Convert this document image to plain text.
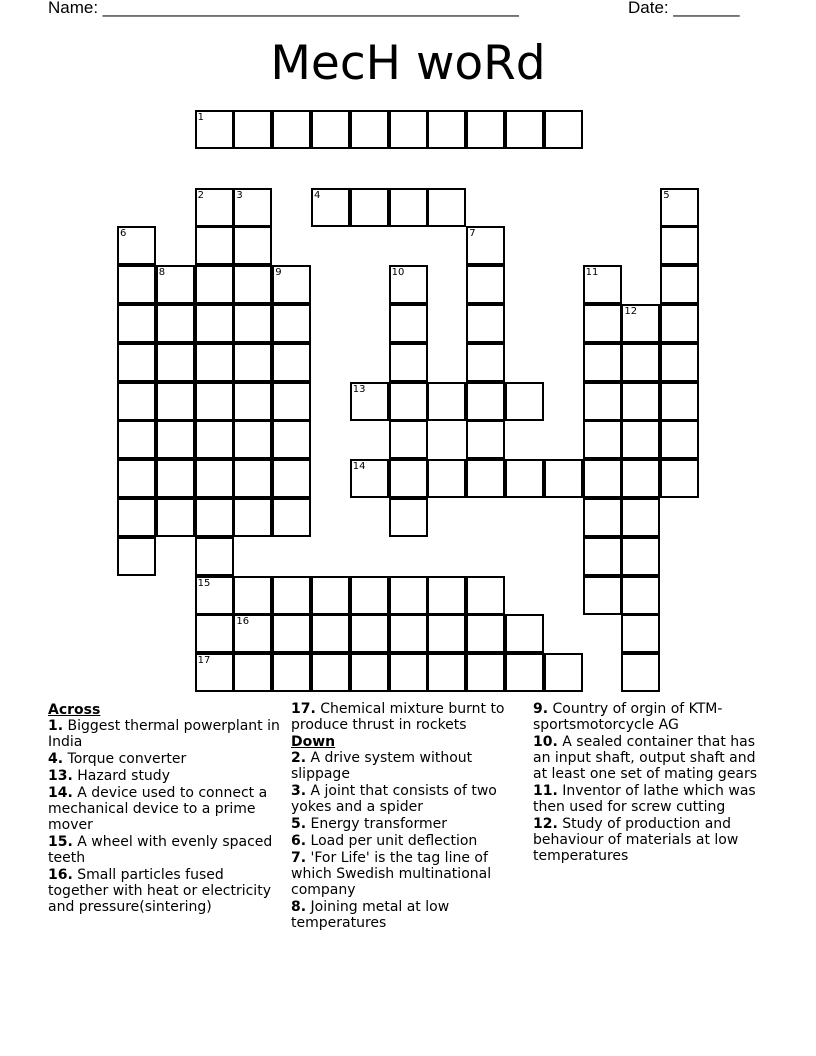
Name: ____________________________________________	Date: _______
MecH woRd
1
4
13
14
15
16
17
2	3	5
6	7
8	9	10	11
12
Across
1. Biggest thermal powerplant in India
4. Torque converter
13. Hazard study
14. A device used to connect a mechanical device to a prime mover
15. A wheel with evenly spaced teeth
16. Small particles fused together with heat or electricity and pressure(sintering)
17. Chemical mixture burnt to produce thrust in rockets
Down
2. A drive system without slippage
3. A joint that consists of two yokes and a spider
5. Energy transformer
6. Load per unit deflection
7. 'For Life' is the tag line of which Swedish multinational company
8. Joining metal at low temperatures
9. Country of orgin of KTM-sportsmotorcycle AG
10. A sealed container that has an input shaft, output shaft and at least one set of mating gears
11. Inventor of lathe which was then used for screw cutting
12. Study of production and behaviour of materials at low temperatures
